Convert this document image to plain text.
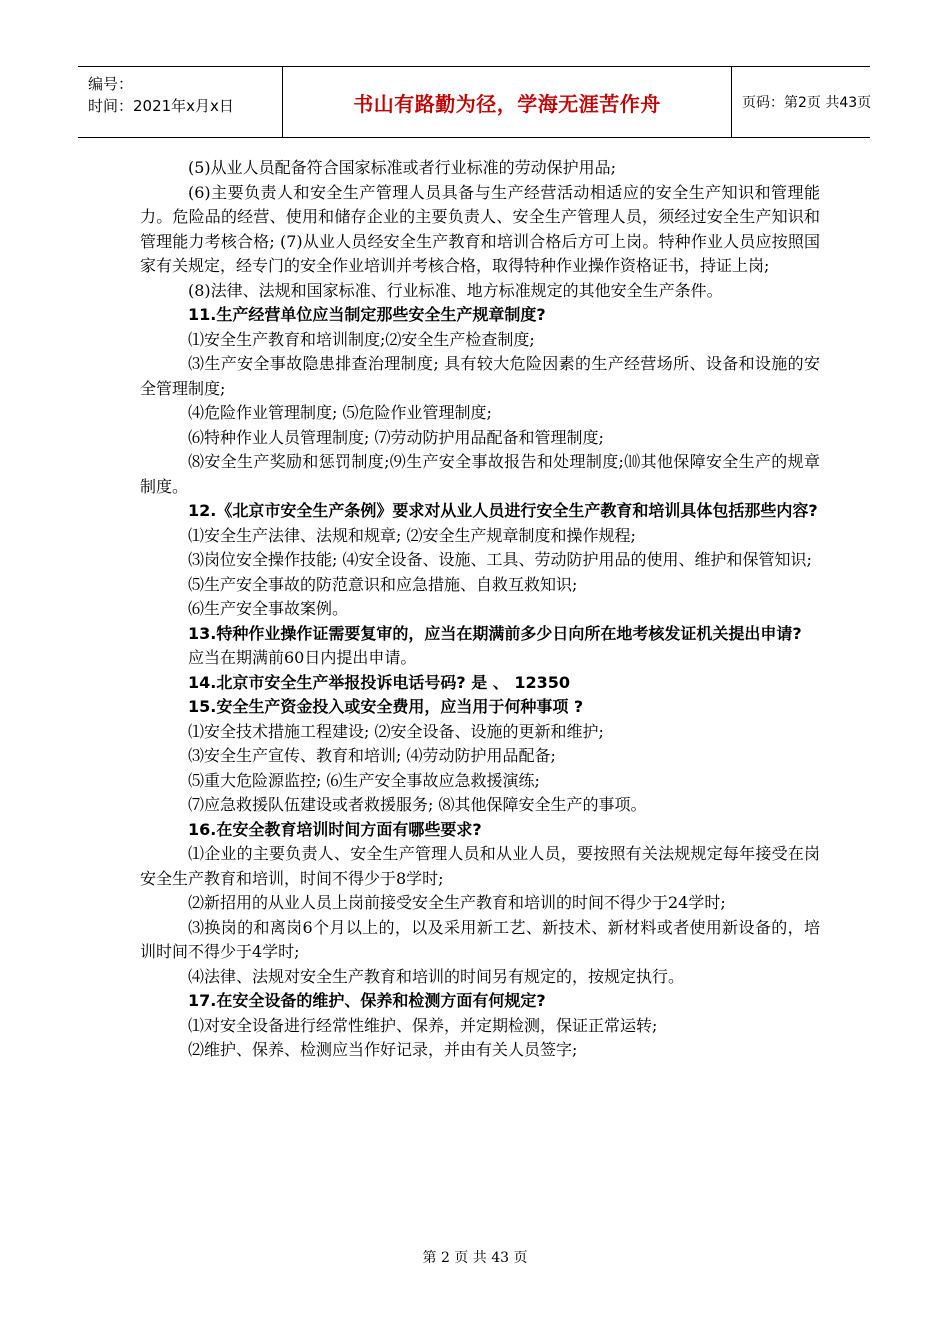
编号：
时间：2021年x月x日	书山有路勤为径，学海无涯苦作舟	页码：第2页 共43页

(5)从业人员配备符合国家标准或者行业标准的劳动保护用品;

(6)主要负责人和安全生产管理人员具备与生产经营活动相适应的安全生产知识和管理能力。危险品的经营、使用和储存企业的主要负责人、安全生产管理人员，须经过安全生产知识和管理能力考核合格; (7)从业人员经安全生产教育和培训合格后方可上岗。特种作业人员应按照国家有关规定，经专门的安全作业培训并考核合格，取得特种作业操作资格证书，持证上岗;

(8)法律、法规和国家标准、行业标准、地方标准规定的其他安全生产条件。

11.生产经营单位应当制定那些安全生产规章制度?

⑴安全生产教育和培训制度;⑵安全生产检查制度;

⑶生产安全事故隐患排查治理制度; 具有较大危险因素的生产经营场所、设备和设施的安全管理制度;

⑷危险作业管理制度; ⑸危险作业管理制度;

⑹特种作业人员管理制度; ⑺劳动防护用品配备和管理制度;

⑻安全生产奖励和惩罚制度;⑼生产安全事故报告和处理制度;⑽其他保障安全生产的规章制度。

12.《北京市安全生产条例》要求对从业人员进行安全生产教育和培训具体包括那些内容?

⑴安全生产法律、法规和规章; ⑵安全生产规章制度和操作规程;

⑶岗位安全操作技能; ⑷安全设备、设施、工具、劳动防护用品的使用、维护和保管知识;

⑸生产安全事故的防范意识和应急措施、自救互救知识;

⑹生产安全事故案例。

13.特种作业操作证需要复审的，应当在期满前多少日向所在地考核发证机关提出申请?

应当在期满前60日内提出申请。

14.北京市安全生产举报投诉电话号码? 是 、 12350

15.安全生产资金投入或安全费用，应当用于何种事项 ?

⑴安全技术措施工程建设; ⑵安全设备、设施的更新和维护;

⑶安全生产宣传、教育和培训; ⑷劳动防护用品配备;

⑸重大危险源监控; ⑹生产安全事故应急救援演练;

⑺应急救援队伍建设或者救援服务; ⑻其他保障安全生产的事项。

16.在安全教育培训时间方面有哪些要求?

⑴企业的主要负责人、安全生产管理人员和从业人员，要按照有关法规规定每年接受在岗安全生产教育和培训，时间不得少于8学时;

⑵新招用的从业人员上岗前接受安全生产教育和培训的时间不得少于24学时;

⑶换岗的和离岗6个月以上的，以及采用新工艺、新技术、新材料或者使用新设备的，培训时间不得少于4学时;

⑷法律、法规对安全生产教育和培训的时间另有规定的，按规定执行。

17.在安全设备的维护、保养和检测方面有何规定?

⑴对安全设备进行经常性维护、保养，并定期检测，保证正常运转;

⑵维护、保养、检测应当作好记录，并由有关人员签字;

第 2 页 共 43 页
